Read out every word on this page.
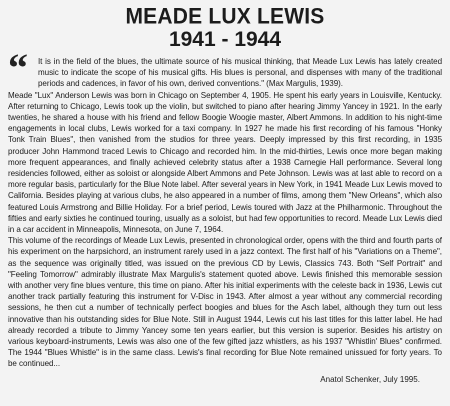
MEADE LUX LEWIS
1941 - 1944
“ It is in the field of the blues, the ultimate source of his musical thinking, that Meade Lux Lewis has lately created music to indicate the scope of his musical gifts. His blues is personal, and dispenses with many of the traditional periods and cadences, in favor of his own, derived conventions." (Max Margulis, 1939).

Meade "Lux" Anderson Lewis was born in Chicago on September 4, 1905. He spent his early years in Louisville, Kentucky. After returning to Chicago, Lewis took up the violin, but switched to piano after hearing Jimmy Yancey in 1921. In the early twenties, he shared a house with his friend and fellow Boogie Woogie master, Albert Ammons. In addition to his night-time engagements in local clubs, Lewis worked for a taxi company. In 1927 he made his first recording of his famous "Honky Tonk Train Blues", then vanished from the studios for three years. Deeply impressed by this first recording, in 1935 producer John Hammond traced Lewis to Chicago and recorded him. In the mid-thirties, Lewis once more began making more frequent appearances, and finally achieved celebrity status after a 1938 Carnegie Hall performance. Several long residencies followed, either as soloist or alongside Albert Ammons and Pete Johnson. Lewis was at last able to record on a more regular basis, particularly for the Blue Note label. After several years in New York, in 1941 Meade Lux Lewis moved to California. Besides playing at various clubs, he also appeared in a number of films, among them "New Orleans", which also featured Louis Armstrong and Billie Holiday. For a brief period, Lewis toured with Jazz at the Philharmonic. Throughout the fifties and early sixties he continued touring, usually as a soloist, but had few opportunities to record. Meade Lux Lewis died in a car accident in Minneapolis, Minnesota, on June 7, 1964.

This volume of the recordings of Meade Lux Lewis, presented in chronological order, opens with the third and fourth parts of his experiment on the harpsichord, an instrument rarely used in a jazz context. The first half of his "Variations on a Theme", as the sequence was originally titled, was issued on the previous CD by Lewis, Classics 743. Both "Self Portrait" and "Feeling Tomorrow" admirably illustrate Max Margulis's statement quoted above. Lewis finished this memorable session with another very fine blues venture, this time on piano. After his initial experiments with the celeste back in 1936, Lewis cut another track partially featuring this instrument for V-Disc in 1943. After almost a year without any commercial recording sessions, he then cut a number of technically perfect boogies and blues for the Asch label, although they turn out less innovative than his outstanding sides for Blue Note. Still in August 1944, Lewis cut his last titles for this latter label. He had already recorded a tribute to Jimmy Yancey some ten years earlier, but this version is superior. Besides his artistry on various keyboard-instruments, Lewis was also one of the few gifted jazz whistlers, as his 1937 "Whistlin' Blues" confirmed. The 1944 "Blues Whistle" is in the same class. Lewis's final recording for Blue Note remained unissued for forty years. To be continued...

Anatol Schenker, July 1995.
